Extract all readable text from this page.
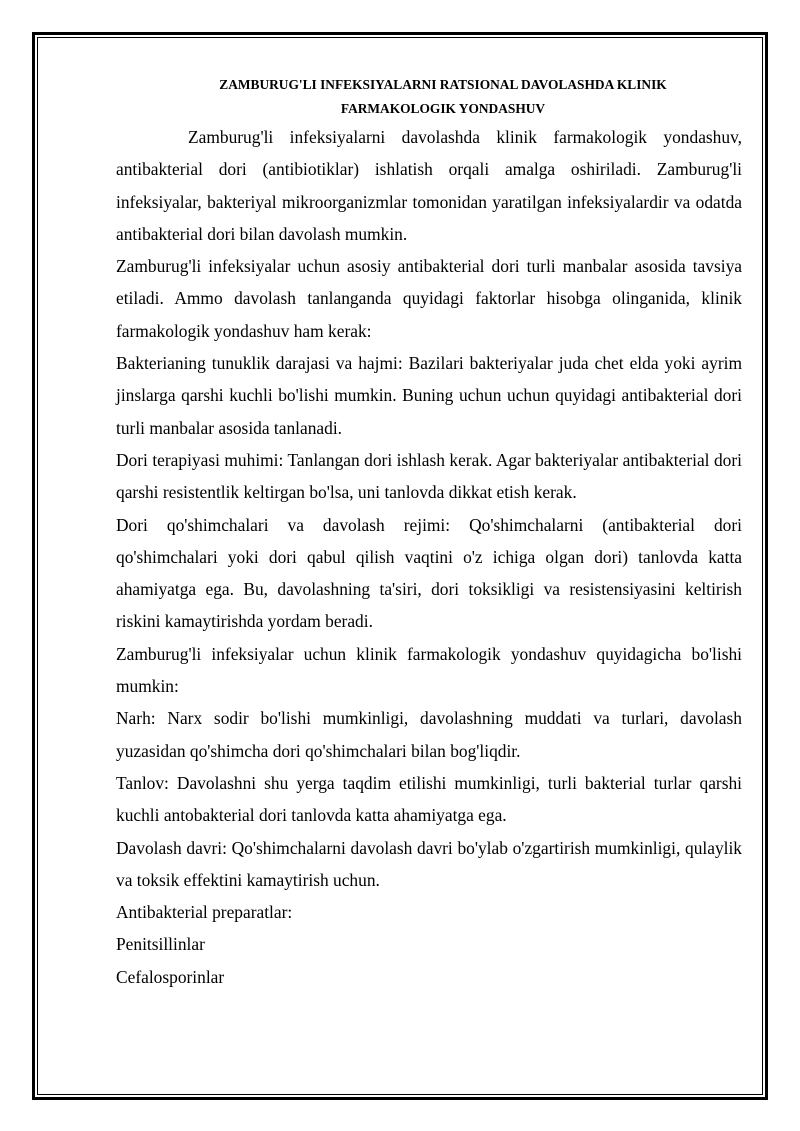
ZAMBURUG'LI INFEKSIYALARNI RATSIONAL DAVOLASHDA KLINIK
FARMAKOLOGIK YONDASHUV

Zamburug'li infeksiyalarni davolashda klinik farmakologik yondashuv, antibakterial dori (antibiotiklar) ishlatish orqali amalga oshiriladi. Zamburug'li infeksiyalar, bakteriyal mikroorganizmlar tomonidan yaratilgan infeksiyalardir va odatda antibakterial dori bilan davolash mumkin.

Zamburug'li infeksiyalar uchun asosiy antibakterial dori turli manbalar asosida tavsiya etiladi. Ammo davolash tanlanganda quyidagi faktorlar hisobga olinganida, klinik farmakologik yondashuv ham kerak:

Bakterianing tunuklik darajasi va hajmi: Bazilari bakteriyalar juda chet elda yoki ayrim jinslarga qarshi kuchli bo'lishi mumkin. Buning uchun uchun quyidagi antibakterial dori turli manbalar asosida tanlanadi.

Dori terapiyasi muhimi: Tanlangan dori ishlash kerak. Agar bakteriyalar antibakterial dori qarshi resistentlik keltirgan bo'lsa, uni tanlovda dikkat etish kerak.

Dori qo'shimchalari va davolash rejimi: Qo'shimchalarni (antibakterial dori qo'shimchalari yoki dori qabul qilish vaqtini o'z ichiga olgan dori) tanlovda katta ahamiyatga ega. Bu, davolashning ta'siri, dori toksikligi va resistensiyasini keltirish riskini kamaytirishda yordam beradi.

Zamburug'li infeksiyalar uchun klinik farmakologik yondashuv quyidagicha bo'lishi mumkin:

Narh: Narx sodir bo'lishi mumkinligi, davolashning muddati va turlari, davolash yuzasidan qo'shimcha dori qo'shimchalari bilan bog'liqdir.

Tanlov: Davolashni shu yerga taqdim etilishi mumkinligi, turli bakterial turlar qarshi kuchli antobakterial dori tanlovda katta ahamiyatga ega.

Davolash davri: Qo'shimchalarni davolash davri bo'ylab o'zgartirish mumkinligi, qulaylik va toksik effektini kamaytirish uchun.

Antibakterial preparatlar:

Penitsillinlar

Cefalosporinlar
